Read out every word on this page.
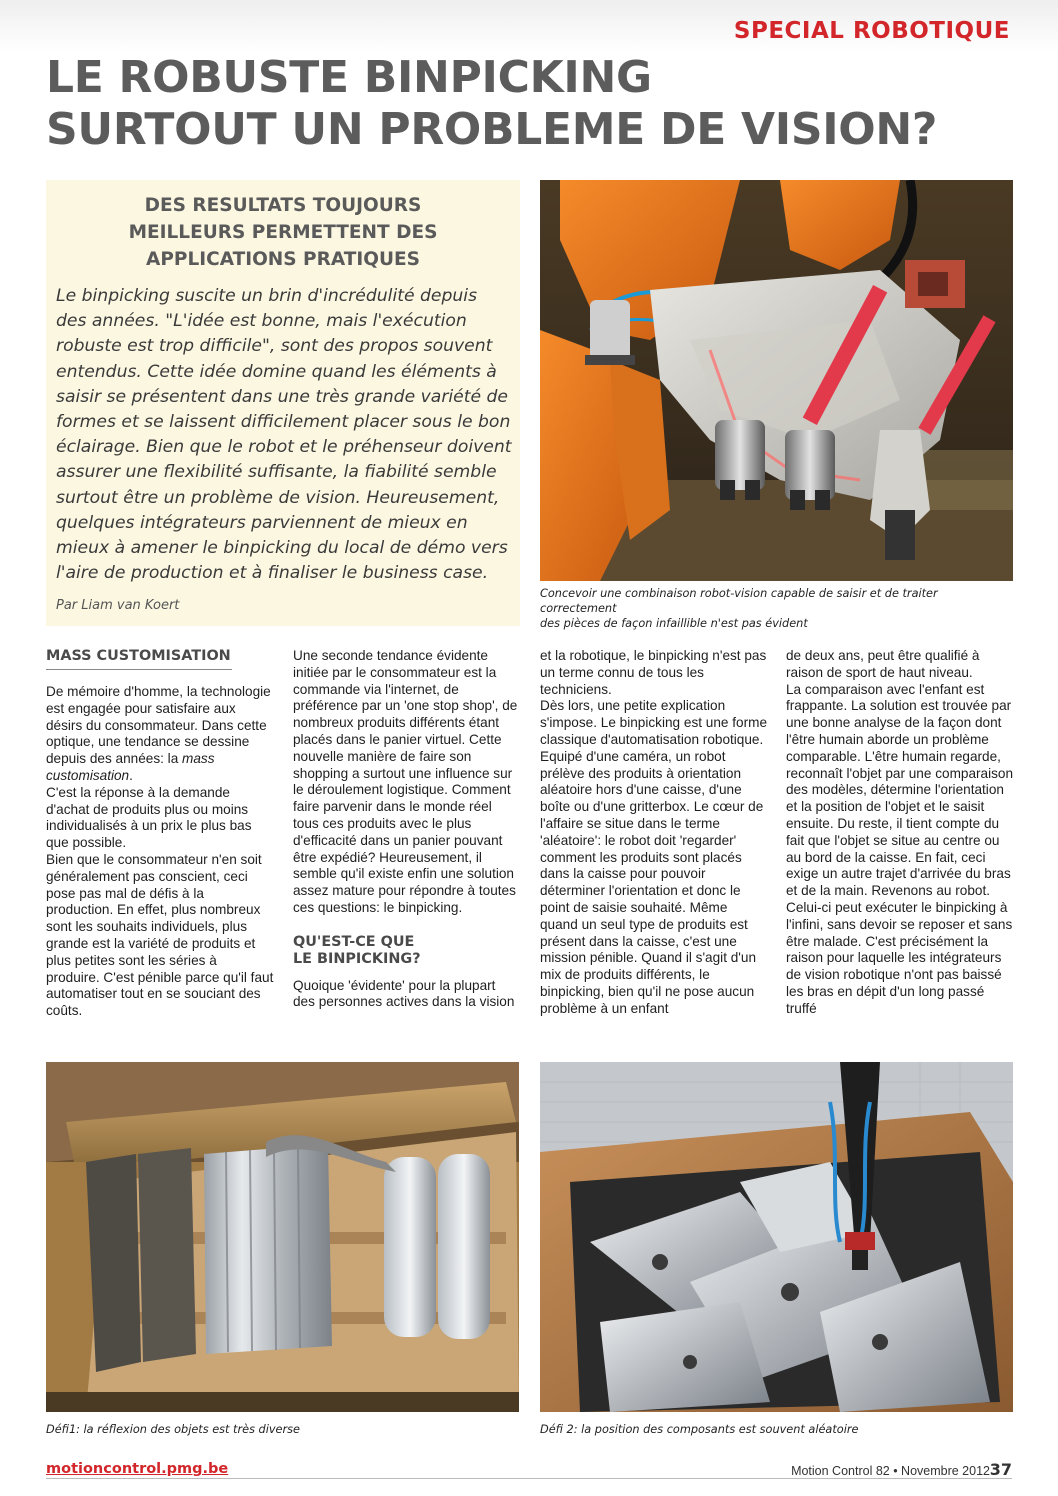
SPECIAL ROBOTIQUE
LE ROBUSTE BINPICKING
SURTOUT UN PROBLEME DE VISION?
DES RESULTATS TOUJOURS
MEILLEURS PERMETTENT DES
APPLICATIONS PRATIQUES
Le binpicking suscite un brin d'incrédulité depuis des années. "L'idée est bonne, mais l'exécution robuste est trop difficile", sont des propos souvent entendus. Cette idée domine quand les éléments à saisir se présentent dans une très grande variété de formes et se laissent difficilement placer sous le bon éclairage. Bien que le robot et le préhenseur doivent assurer une flexibilité suffisante, la fiabilité semble surtout être un problème de vision. Heureusement, quelques intégrateurs parviennent de mieux en mieux à amener le binpicking du local de démo vers l'aire de production et à finaliser le business case.
Par Liam van Koert
Concevoir une combinaison robot-vision capable de saisir et de traiter correctement
des pièces de façon infaillible n'est pas évident
MASS CUSTOMISATION

De mémoire d'homme, la technologie est engagée pour satisfaire aux désirs du consommateur. Dans cette optique, une tendance se dessine depuis des années: la mass customisation.

C'est la réponse à la demande d'achat de produits plus ou moins individualisés à un prix le plus bas que possible.

Bien que le consommateur n'en soit généralement pas conscient, ceci pose pas mal de défis à la production. En effet, plus nombreux sont les souhaits individuels, plus grande est la variété de produits et plus petites sont les séries à produire. C'est pénible parce qu'il faut automatiser tout en se souciant des coûts.

Une seconde tendance évidente initiée par le consommateur est la commande via l'internet, de préférence par un 'one stop shop', de nombreux produits différents étant placés dans le panier virtuel. Cette nouvelle manière de faire son shopping a surtout une influence sur le déroulement logistique. Comment faire parvenir dans le monde réel tous ces produits avec le plus d'efficacité dans un panier pouvant être expédié? Heureusement, il semble qu'il existe enfin une solution assez mature pour répondre à toutes ces questions: le binpicking.

QU'EST-CE QUE
LE BINPICKING?

Quoique 'évidente' pour la plupart des personnes actives dans la vision

et la robotique, le binpicking n'est pas un terme connu de tous les techniciens.

Dès lors, une petite explication s'impose. Le binpicking est une forme classique d'automatisation robotique. Equipé d'une caméra, un robot prélève des produits à orientation aléatoire hors d'une caisse, d'une boîte ou d'une gritterbox. Le cœur de l'affaire se situe dans le terme 'aléatoire': le robot doit 'regarder' comment les produits sont placés dans la caisse pour pouvoir déterminer l'orientation et donc le point de saisie souhaité. Même quand un seul type de produits est présent dans la caisse, c'est une mission pénible. Quand il s'agit d'un mix de produits différents, le binpicking, bien qu'il ne pose aucun problème à un enfant

de deux ans, peut être qualifié à raison de sport de haut niveau.

La comparaison avec l'enfant est frappante. La solution est trouvée par une bonne analyse de la façon dont l'être humain aborde un problème comparable. L'être humain regarde, reconnaît l'objet par une comparaison des modèles, détermine l'orientation et la position de l'objet et le saisit ensuite. Du reste, il tient compte du fait que l'objet se situe au centre ou au bord de la caisse. En fait, ceci exige un autre trajet d'arrivée du bras et de la main. Revenons au robot. Celui-ci peut exécuter le binpicking à l'infini, sans devoir se reposer et sans être malade. C'est précisément la raison pour laquelle les intégrateurs de vision robotique n'ont pas baissé les bras en dépit d'un long passé truffé

Défi1: la réflexion des objets est très diverse	Défi 2: la position des composants est souvent aléatoire
motioncontrol.pmg.be	Motion Control 82 • Novembre 2012 37
